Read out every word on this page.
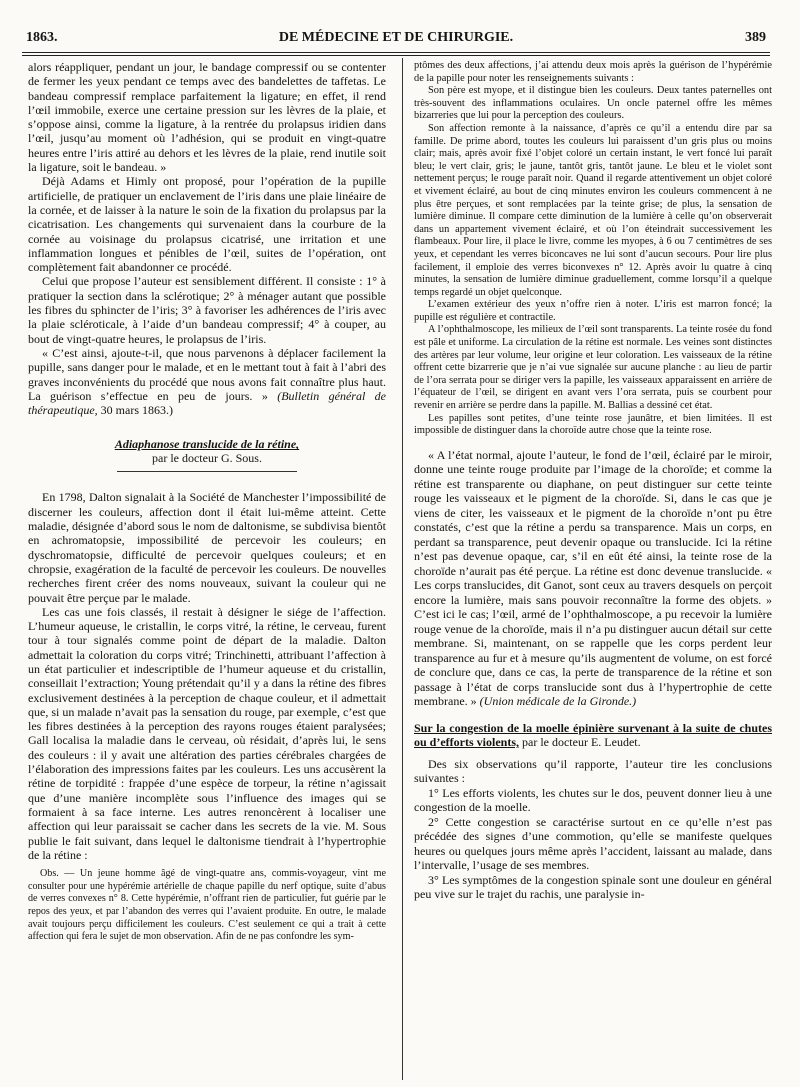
1863.	DE MÉDECINE ET DE CHIRURGIE.	389

alors réappliquer, pendant un jour, le bandage compressif ou se contenter de fermer les yeux pendant ce temps avec des bandelettes de taffetas. Le bandeau compressif remplace parfaitement la ligature; en effet, il rend l’œil immobile, exerce une certaine pression sur les lèvres de la plaie, et s’oppose ainsi, comme la ligature, à la rentrée du prolapsus iridien dans l’œil, jusqu’au moment où l’adhésion, qui se produit en vingt-quatre heures entre l’iris attiré au dehors et les lèvres de la plaie, rend inutile soit la ligature, soit le bandeau. »

Déjà Adams et Himly ont proposé, pour l’opération de la pupille artificielle, de pratiquer un enclavement de l’iris dans une plaie linéaire de la cornée, et de laisser à la nature le soin de la fixation du prolapsus par la cicatrisation. Les changements qui survenaient dans la courbure de la cornée au voisinage du prolapsus cicatrisé, une irritation et une inflammation longues et pénibles de l’œil, suites de l’opération, ont complètement fait abandonner ce procédé.

Celui que propose l’auteur est sensiblement différent. Il consiste : 1° à pratiquer la section dans la sclérotique; 2° à ménager autant que possible les fibres du sphincter de l’iris; 3° à favoriser les adhérences de l’iris avec la plaie scléroticale, à l’aide d’un bandeau compressif; 4° à couper, au bout de vingt-quatre heures, le prolapsus de l’iris.

« C’est ainsi, ajoute-t-il, que nous parvenons à déplacer facilement la pupille, sans danger pour le malade, et en le mettant tout à fait à l’abri des graves inconvénients du procédé que nous avons fait connaître plus haut. La guérison s’effectue en peu de jours. » (Bulletin général de thérapeutique, 30 mars 1863.)

Adiaphanose translucide de la rétine,
par le docteur G. Sous.

En 1798, Dalton signalait à la Société de Manchester l’impossibilité de discerner les couleurs, affection dont il était lui-même atteint. Cette maladie, désignée d’abord sous le nom de daltonisme, se subdivisa bientôt en achromatopsie, impossibilité de percevoir les couleurs; en dyschromatopsie, difficulté de percevoir quelques couleurs; et en chropsie, exagération de la faculté de percevoir les couleurs. De nouvelles recherches firent créer des noms nouveaux, suivant la couleur qui ne pouvait être perçue par le malade.

Les cas une fois classés, il restait à désigner le siége de l’affection. L’humeur aqueuse, le cristallin, le corps vitré, la rétine, le cerveau, furent tour à tour signalés comme point de départ de la maladie. Dalton admettait la coloration du corps vitré; Trinchinetti, attribuant l’affection à un état particulier et indescriptible de l’humeur aqueuse et du cristallin, conseillait l’extraction; Young prétendait qu’il y a dans la rétine des fibres exclusivement destinées à la perception de chaque couleur, et il admettait que, si un malade n’avait pas la sensation du rouge, par exemple, c’est que les fibres destinées à la perception des rayons rouges étaient paralysées; Gall localisa la maladie dans le cerveau, où résidait, d’après lui, le sens des couleurs : il y avait une altération des parties cérébrales chargées de l’élaboration des impressions faites par les couleurs. Les uns accusèrent la rétine de torpidité : frappée d’une espèce de torpeur, la rétine n’agissait que d’une manière incomplète sous l’influence des images qui se formaient à sa face interne. Les autres renoncèrent à localiser une affection qui leur paraissait se cacher dans les secrets de la vie. M. Sous publie le fait suivant, dans lequel le daltonisme tiendrait à l’hypertrophie de la rétine :

Obs. — Un jeune homme âgé de vingt-quatre ans, commis-voyageur, vint me consulter pour une hypérémie artérielle de chaque papille du nerf optique, suite d’abus de verres convexes n° 8. Cette hypérémie, n’offrant rien de particulier, fut guérie par le repos des yeux, et par l’abandon des verres qui l’avaient produite. En outre, le malade avait toujours perçu difficilement les couleurs. C’est seulement ce qui a trait à cette affection qui fera le sujet de mon observation. Afin de ne pas confondre les sym-

ptômes des deux affections, j’ai attendu deux mois après la guérison de l’hypérémie de la papille pour noter les renseignements suivants :

Son père est myope, et il distingue bien les couleurs. Deux tantes paternelles ont très-souvent des inflammations oculaires. Un oncle paternel offre les mêmes bizarreries que lui pour la perception des couleurs.

Son affection remonte à la naissance, d’après ce qu’il a entendu dire par sa famille. De prime abord, toutes les couleurs lui paraissent d’un gris plus ou moins clair; mais, après avoir fixé l’objet coloré un certain instant, le vert foncé lui paraît bleu; le vert clair, gris; le jaune, tantôt gris, tantôt jaune. Le bleu et le violet sont nettement perçus; le rouge paraît noir. Quand il regarde attentivement un objet coloré et vivement éclairé, au bout de cinq minutes environ les couleurs commencent à ne plus être perçues, et sont remplacées par la teinte grise; de plus, la sensation de lumière diminue. Il compare cette diminution de la lumière à celle qu’on observerait dans un appartement vivement éclairé, et où l’on éteindrait successivement les flambeaux. Pour lire, il place le livre, comme les myopes, à 6 ou 7 centimètres de ses yeux, et cependant les verres biconcaves ne lui sont d’aucun secours. Pour lire plus facilement, il emploie des verres biconvexes n° 12. Après avoir lu quatre à cinq minutes, la sensation de lumière diminue graduellement, comme lorsqu’il a quelque temps regardé un objet quelconque.

L’examen extérieur des yeux n’offre rien à noter. L’iris est marron foncé; la pupille est régulière et contractile.

A l’ophthalmoscope, les milieux de l’œil sont transparents. La teinte rosée du fond est pâle et uniforme. La circulation de la rétine est normale. Les veines sont distinctes des artères par leur volume, leur origine et leur coloration. Les vaisseaux de la rétine offrent cette bizarrerie que je n’ai vue signalée sur aucune planche : au lieu de partir de l’ora serrata pour se diriger vers la papille, les vaisseaux apparaissent en arrière de l’équateur de l’œil, se dirigent en avant vers l’ora serrata, puis se courbent pour revenir en arrière se perdre dans la papille. M. Ballias a dessiné cet état.

Les papilles sont petites, d’une teinte rose jaunâtre, et bien limitées. Il est impossible de distinguer dans la choroïde autre chose que la teinte rose.

« A l’état normal, ajoute l’auteur, le fond de l’œil, éclairé par le miroir, donne une teinte rouge produite par l’image de la choroïde; et comme la rétine est transparente ou diaphane, on peut distinguer sur cette teinte rouge les vaisseaux et le pigment de la choroïde. Si, dans le cas que je viens de citer, les vaisseaux et le pigment de la choroïde n’ont pu être constatés, c’est que la rétine a perdu sa transparence. Mais un corps, en perdant sa transparence, peut devenir opaque ou translucide. Ici la rétine n’est pas devenue opaque, car, s’il en eût été ainsi, la teinte rose de la choroïde n’aurait pas été perçue. La rétine est donc devenue translucide. « Les corps translucides, dit Ganot, sont ceux au travers desquels on perçoit encore la lumière, mais sans pouvoir reconnaître la forme des objets. » C’est ici le cas; l’œil, armé de l’ophthalmoscope, a pu recevoir la lumière rouge venue de la choroïde, mais il n’a pu distinguer aucun détail sur cette membrane. Si, maintenant, on se rappelle que les corps perdent leur transparence au fur et à mesure qu’ils augmentent de volume, on est forcé de conclure que, dans ce cas, la perte de transparence de la rétine et son passage à l’état de corps translucide sont dus à l’hypertrophie de cette membrane. » (Union médicale de la Gironde.)

Sur la congestion de la moelle épinière survenant à la suite de chutes ou d’efforts violents, par le docteur E. Leudet.

Des six observations qu’il rapporte, l’auteur tire les conclusions suivantes :

1° Les efforts violents, les chutes sur le dos, peuvent donner lieu à une congestion de la moelle.

2° Cette congestion se caractérise surtout en ce qu’elle n’est pas précédée des signes d’une commotion, qu’elle se manifeste quelques heures ou quelques jours même après l’accident, laissant au malade, dans l’intervalle, l’usage de ses membres.

3° Les symptômes de la congestion spinale sont une douleur en général peu vive sur le trajet du rachis, une paralysie in-
